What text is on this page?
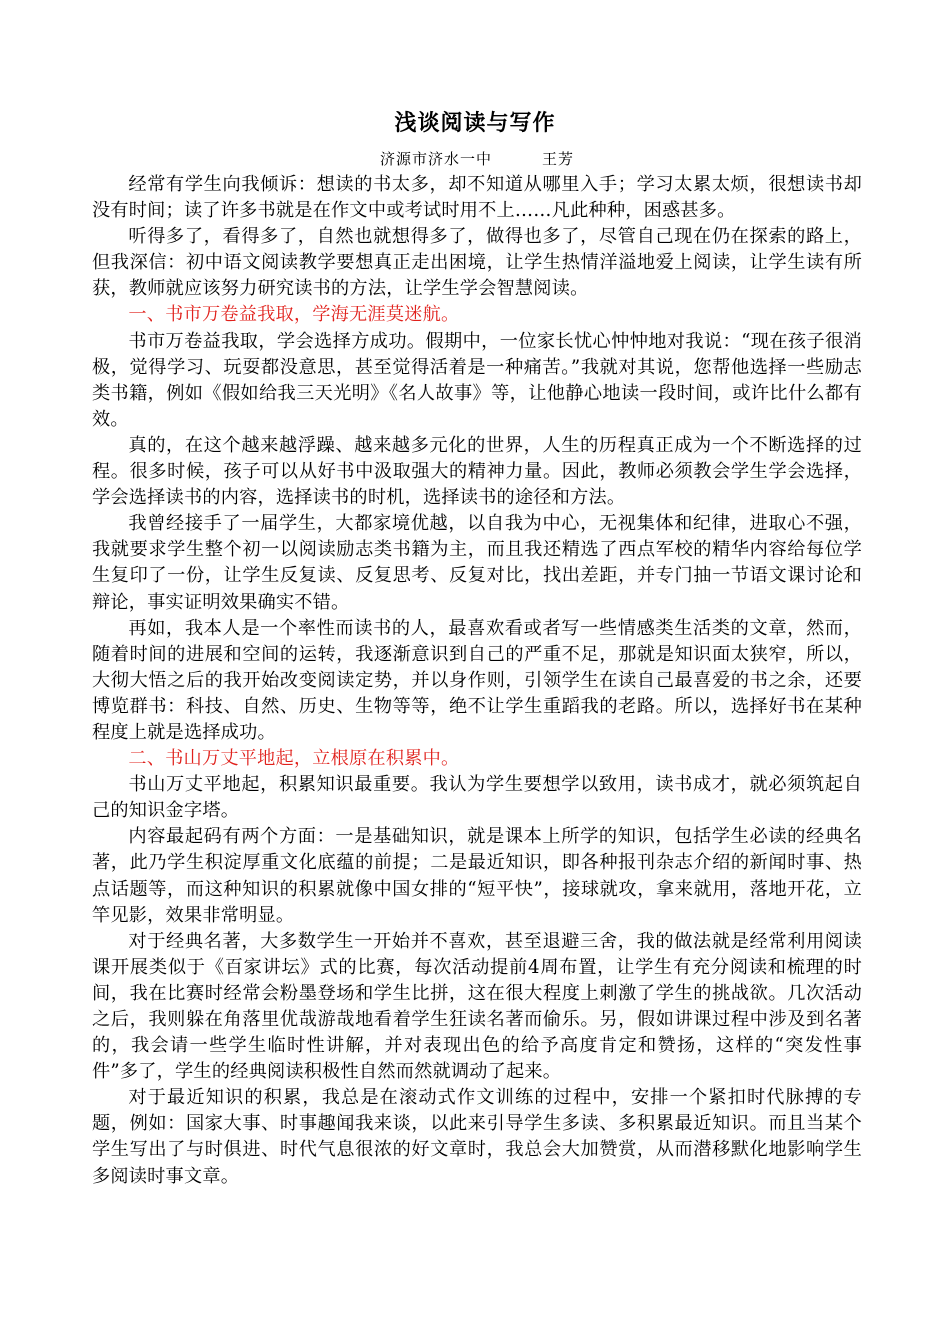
浅谈阅读与写作
济源市济水一中	王芳

经常有学生向我倾诉：想读的书太多，却不知道从哪里入手；学习太累太烦，很想读书却没有时间；读了许多书就是在作文中或考试时用不上……凡此种种，困惑甚多。

听得多了，看得多了，自然也就想得多了，做得也多了，尽管自己现在仍在探索的路上，但我深信：初中语文阅读教学要想真正走出困境，让学生热情洋溢地爱上阅读，让学生读有所获，教师就应该努力研究读书的方法，让学生学会智慧阅读。

一、书市万卷益我取，学海无涯莫迷航。

书市万卷益我取，学会选择方成功。假期中，一位家长忧心忡忡地对我说：“现在孩子很消极，觉得学习、玩耍都没意思，甚至觉得活着是一种痛苦。”我就对其说，您帮他选择一些励志类书籍，例如《假如给我三天光明》《名人故事》等，让他静心地读一段时间，或许比什么都有效。

真的，在这个越来越浮躁、越来越多元化的世界，人生的历程真正成为一个不断选择的过程。很多时候，孩子可以从好书中汲取强大的精神力量。因此，教师必须教会学生学会选择，学会选择读书的内容，选择读书的时机，选择读书的途径和方法。

我曾经接手了一届学生，大都家境优越，以自我为中心，无视集体和纪律，进取心不强，我就要求学生整个初一以阅读励志类书籍为主，而且我还精选了西点军校的精华内容给每位学生复印了一份，让学生反复读、反复思考、反复对比，找出差距，并专门抽一节语文课讨论和辩论，事实证明效果确实不错。

再如，我本人是一个率性而读书的人，最喜欢看或者写一些情感类生活类的文章，然而，随着时间的进展和空间的运转，我逐渐意识到自己的严重不足，那就是知识面太狭窄，所以，大彻大悟之后的我开始改变阅读定势，并以身作则，引领学生在读自己最喜爱的书之余，还要博览群书：科技、自然、历史、生物等等，绝不让学生重蹈我的老路。所以，选择好书在某种程度上就是选择成功。

二、书山万丈平地起，立根原在积累中。

书山万丈平地起，积累知识最重要。我认为学生要想学以致用，读书成才，就必须筑起自己的知识金字塔。

内容最起码有两个方面：一是基础知识，就是课本上所学的知识，包括学生必读的经典名著，此乃学生积淀厚重文化底蕴的前提；二是最近知识，即各种报刊杂志介绍的新闻时事、热点话题等，而这种知识的积累就像中国女排的“短平快”，接球就攻，拿来就用，落地开花，立竿见影，效果非常明显。

对于经典名著，大多数学生一开始并不喜欢，甚至退避三舍，我的做法就是经常利用阅读课开展类似于《百家讲坛》式的比赛，每次活动提前4周布置，让学生有充分阅读和梳理的时间，我在比赛时经常会粉墨登场和学生比拼，这在很大程度上刺激了学生的挑战欲。几次活动之后，我则躲在角落里优哉游哉地看着学生狂读名著而偷乐。另，假如讲课过程中涉及到名著的，我会请一些学生临时性讲解，并对表现出色的给予高度肯定和赞扬，这样的“突发性事件”多了，学生的经典阅读积极性自然而然就调动了起来。

对于最近知识的积累，我总是在滚动式作文训练的过程中，安排一个紧扣时代脉搏的专题，例如：国家大事、时事趣闻我来谈，以此来引导学生多读、多积累最近知识。而且当某个学生写出了与时俱进、时代气息很浓的好文章时，我总会大加赞赏，从而潜移默化地影响学生多阅读时事文章。
